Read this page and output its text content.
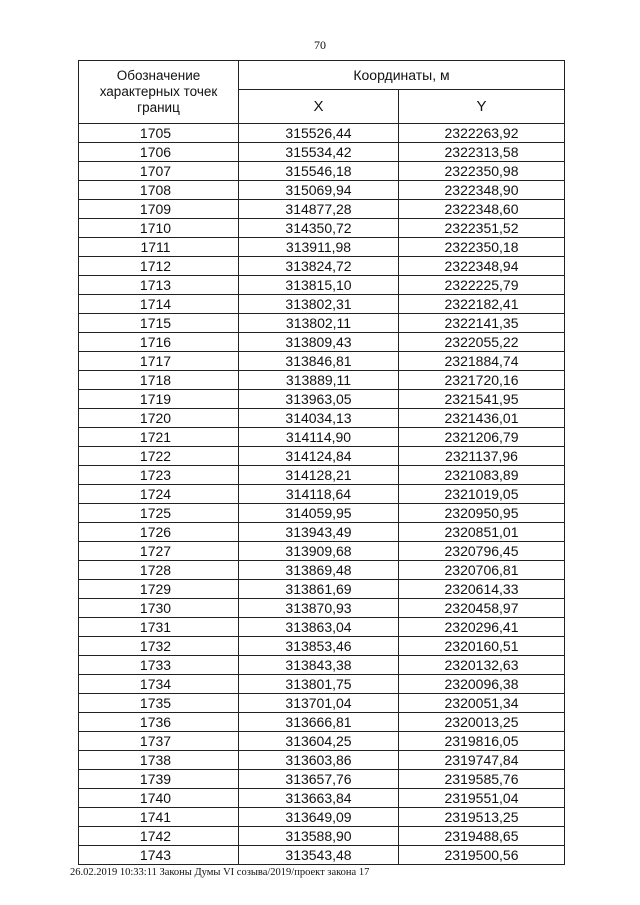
70
Обозначение характерных точек границ	Координаты, м	
	X	Y
1705	315526,44	2322263,92
1706	315534,42	2322313,58
1707	315546,18	2322350,98
1708	315069,94	2322348,90
1709	314877,28	2322348,60
1710	314350,72	2322351,52
1711	313911,98	2322350,18
1712	313824,72	2322348,94
1713	313815,10	2322225,79
1714	313802,31	2322182,41
1715	313802,11	2322141,35
1716	313809,43	2322055,22
1717	313846,81	2321884,74
1718	313889,11	2321720,16
1719	313963,05	2321541,95
1720	314034,13	2321436,01
1721	314114,90	2321206,79
1722	314124,84	2321137,96
1723	314128,21	2321083,89
1724	314118,64	2321019,05
1725	314059,95	2320950,95
1726	313943,49	2320851,01
1727	313909,68	2320796,45
1728	313869,48	2320706,81
1729	313861,69	2320614,33
1730	313870,93	2320458,97
1731	313863,04	2320296,41
1732	313853,46	2320160,51
1733	313843,38	2320132,63
1734	313801,75	2320096,38
1735	313701,04	2320051,34
1736	313666,81	2320013,25
1737	313604,25	2319816,05
1738	313603,86	2319747,84
1739	313657,76	2319585,76
1740	313663,84	2319551,04
1741	313649,09	2319513,25
1742	313588,90	2319488,65
1743	313543,48	2319500,56
26.02.2019 10:33:11 Законы Думы VI созыва/2019/проект закона 17
